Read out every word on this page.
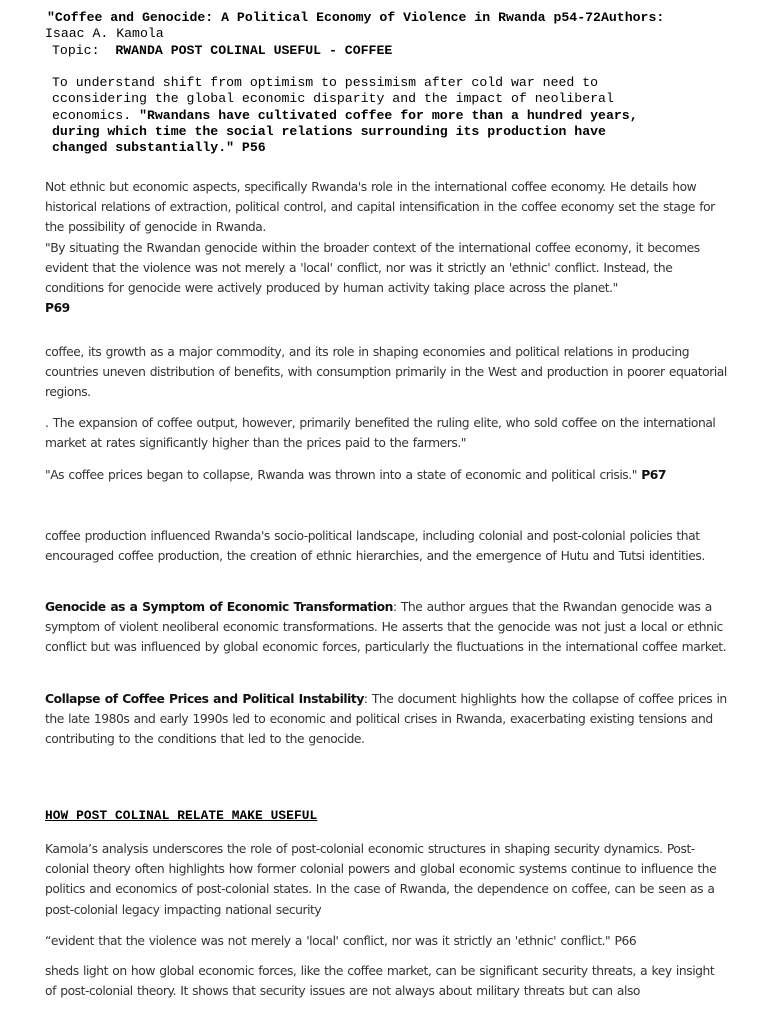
"Coffee and Genocide: A Political Economy of Violence in Rwanda p54-72Authors:
Isaac A. Kamola
Topic: RWANDA POST COLINAL USEFUL - COFFEE
To understand shift from optimism to pessimism after cold war need to
cconsidering the global economic disparity and the impact of neoliberal
economics. "Rwandans have cultivated coffee for more than a hundred years,
during which time the social relations surrounding its production have
changed substantially." P56
Not ethnic but economic aspects, specifically Rwanda's role in the international coffee economy. He details how historical relations of extraction, political control, and capital intensification in the coffee economy set the stage for the possibility of genocide in Rwanda.
"By situating the Rwandan genocide within the broader context of the international coffee economy, it becomes evident that the violence was not merely a 'local' conflict, nor was it strictly an 'ethnic' conflict. Instead, the conditions for genocide were actively produced by human activity taking place across the planet."
P69

coffee, its growth as a major commodity, and its role in shaping economies and political relations in producing countries uneven distribution of benefits, with consumption primarily in the West and production in poorer equatorial regions.

. The expansion of coffee output, however, primarily benefited the ruling elite, who sold coffee on the international market at rates significantly higher than the prices paid to the farmers."

"As coffee prices began to collapse, Rwanda was thrown into a state of economic and political crisis." P67

coffee production influenced Rwanda's socio-political landscape, including colonial and post-colonial policies that encouraged coffee production, the creation of ethnic hierarchies, and the emergence of Hutu and Tutsi identities.

Genocide as a Symptom of Economic Transformation: The author argues that the Rwandan genocide was a symptom of violent neoliberal economic transformations. He asserts that the genocide was not just a local or ethnic conflict but was influenced by global economic forces, particularly the fluctuations in the international coffee market.

Collapse of Coffee Prices and Political Instability: The document highlights how the collapse of coffee prices in the late 1980s and early 1990s led to economic and political crises in Rwanda, exacerbating existing tensions and contributing to the conditions that led to the genocide.

HOW POST COLINAL RELATE MAKE USEFUL

Kamola’s analysis underscores the role of post-colonial economic structures in shaping security dynamics. Post-colonial theory often highlights how former colonial powers and global economic systems continue to influence the politics and economics of post-colonial states. In the case of Rwanda, the dependence on coffee, can be seen as a post-colonial legacy impacting national security

“evident that the violence was not merely a 'local' conflict, nor was it strictly an 'ethnic' conflict." P66

sheds light on how global economic forces, like the coffee market, can be significant security threats, a key insight of post-colonial theory. It shows that security issues are not always about military threats but can also
